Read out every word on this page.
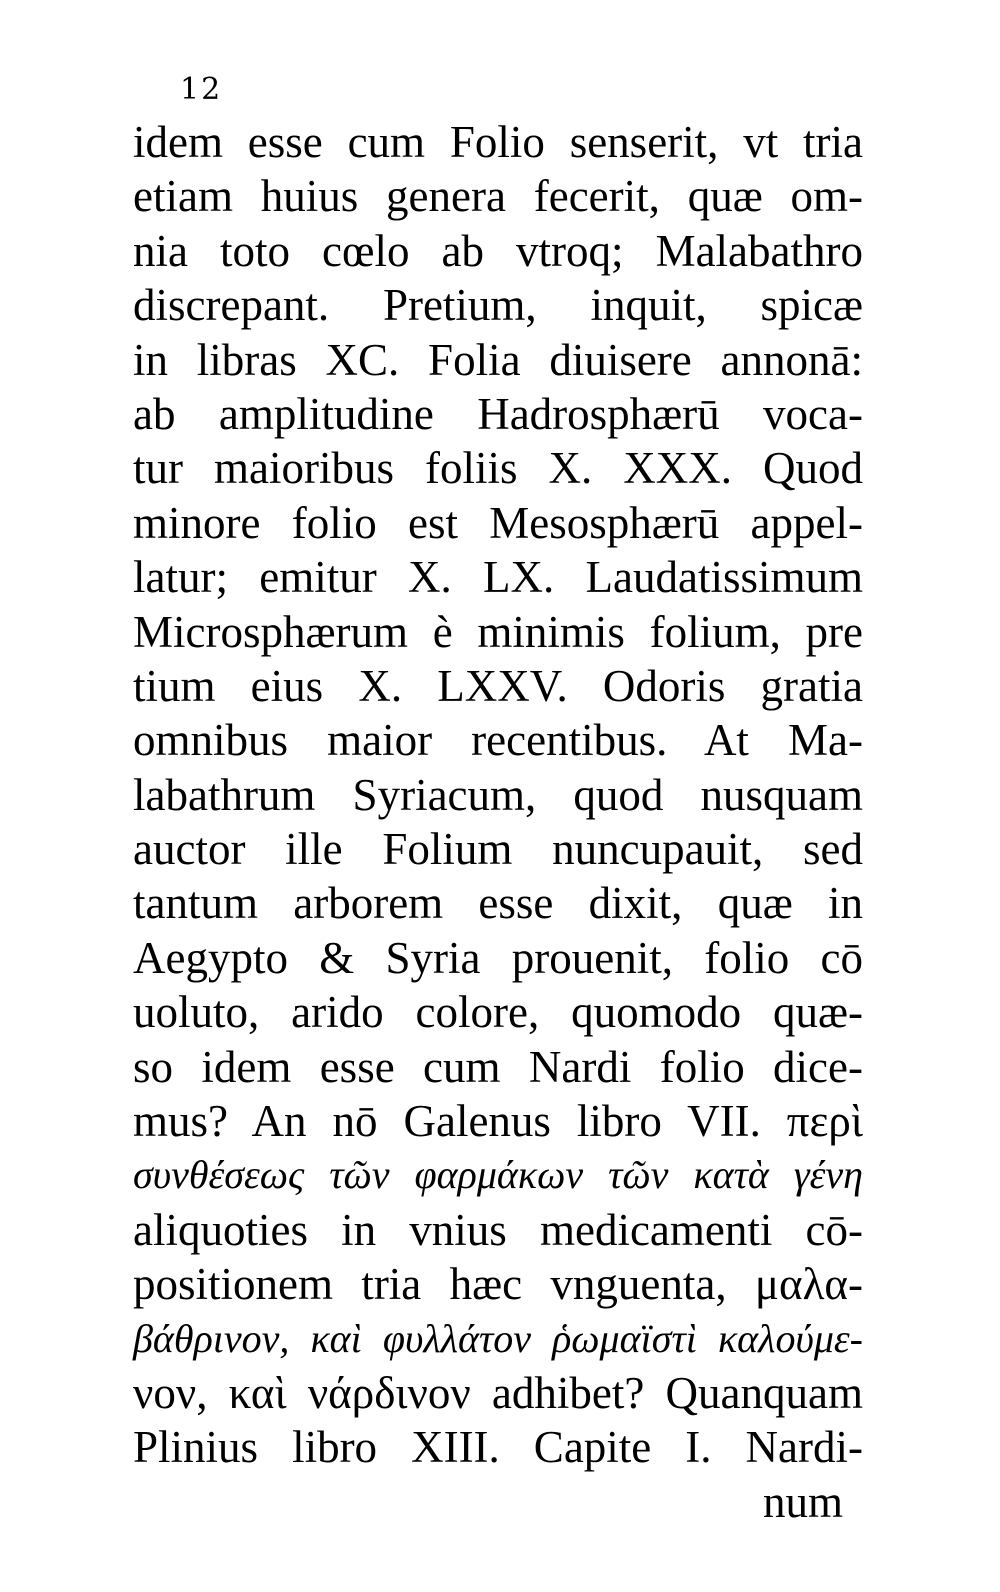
12
idem esse cum Folio senserit, vt tria
etiam huius genera fecerit, quæ om-
nia toto cœlo ab vtroq; Malabathro
discrepant. Pretium, inquit, spicæ
in libras XC. Folia diuisere annonā:
ab amplitudine Hadrosphærū voca-
tur maioribus foliis X. XXX. Quod
minore folio est Mesosphærū appel-
latur; emitur X. LX. Laudatissimum
Microsphærum è minimis folium, pre
tium eius X. LXXV. Odoris gratia
omnibus maior recentibus. At Ma-
labathrum Syriacum, quod nusquam
auctor ille Folium nuncupauit, sed
tantum arborem esse dixit, quæ in
Aegypto & Syria prouenit, folio cō
uoluto, arido colore, quomodo quæ-
so idem esse cum Nardi folio dice-
mus? An nō Galenus libro VII. περὶ
συνθέσεως τῶν φαρμάκων τῶν κατὰ γένη
aliquoties in vnius medicamenti cō-
positionem tria hæc vnguenta, μαλα-
βάθρινον, καὶ φυλλάτον ῥωμαϊστὶ καλούμε-
νον, καὶ νάρδινον adhibet? Quanquam
Plinius libro XIII. Capite I. Nardi-
num
